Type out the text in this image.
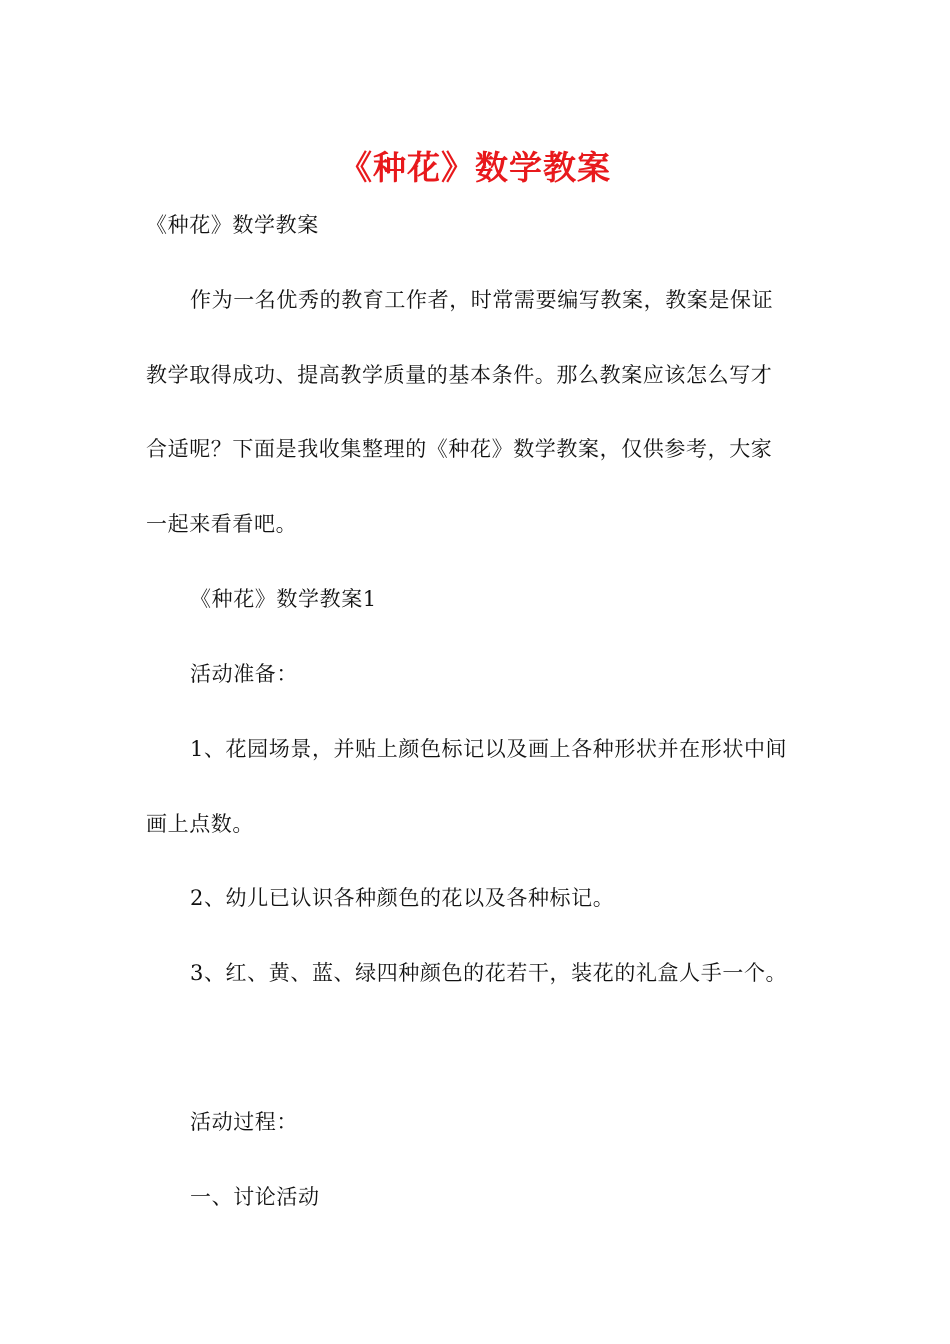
《种花》数学教案
《种花》数学教案
作为一名优秀的教育工作者，时常需要编写教案，教案是保证
教学取得成功、提高教学质量的基本条件。那么教案应该怎么写才
合适呢？下面是我收集整理的《种花》数学教案，仅供参考，大家
一起来看看吧。
《种花》数学教案1
活动准备：
1、花园场景，并贴上颜色标记以及画上各种形状并在形状中间
画上点数。
2、幼儿已认识各种颜色的花以及各种标记。
3、红、黄、蓝、绿四种颜色的花若干，装花的礼盒人手一个。
活动过程：
一、讨论活动
